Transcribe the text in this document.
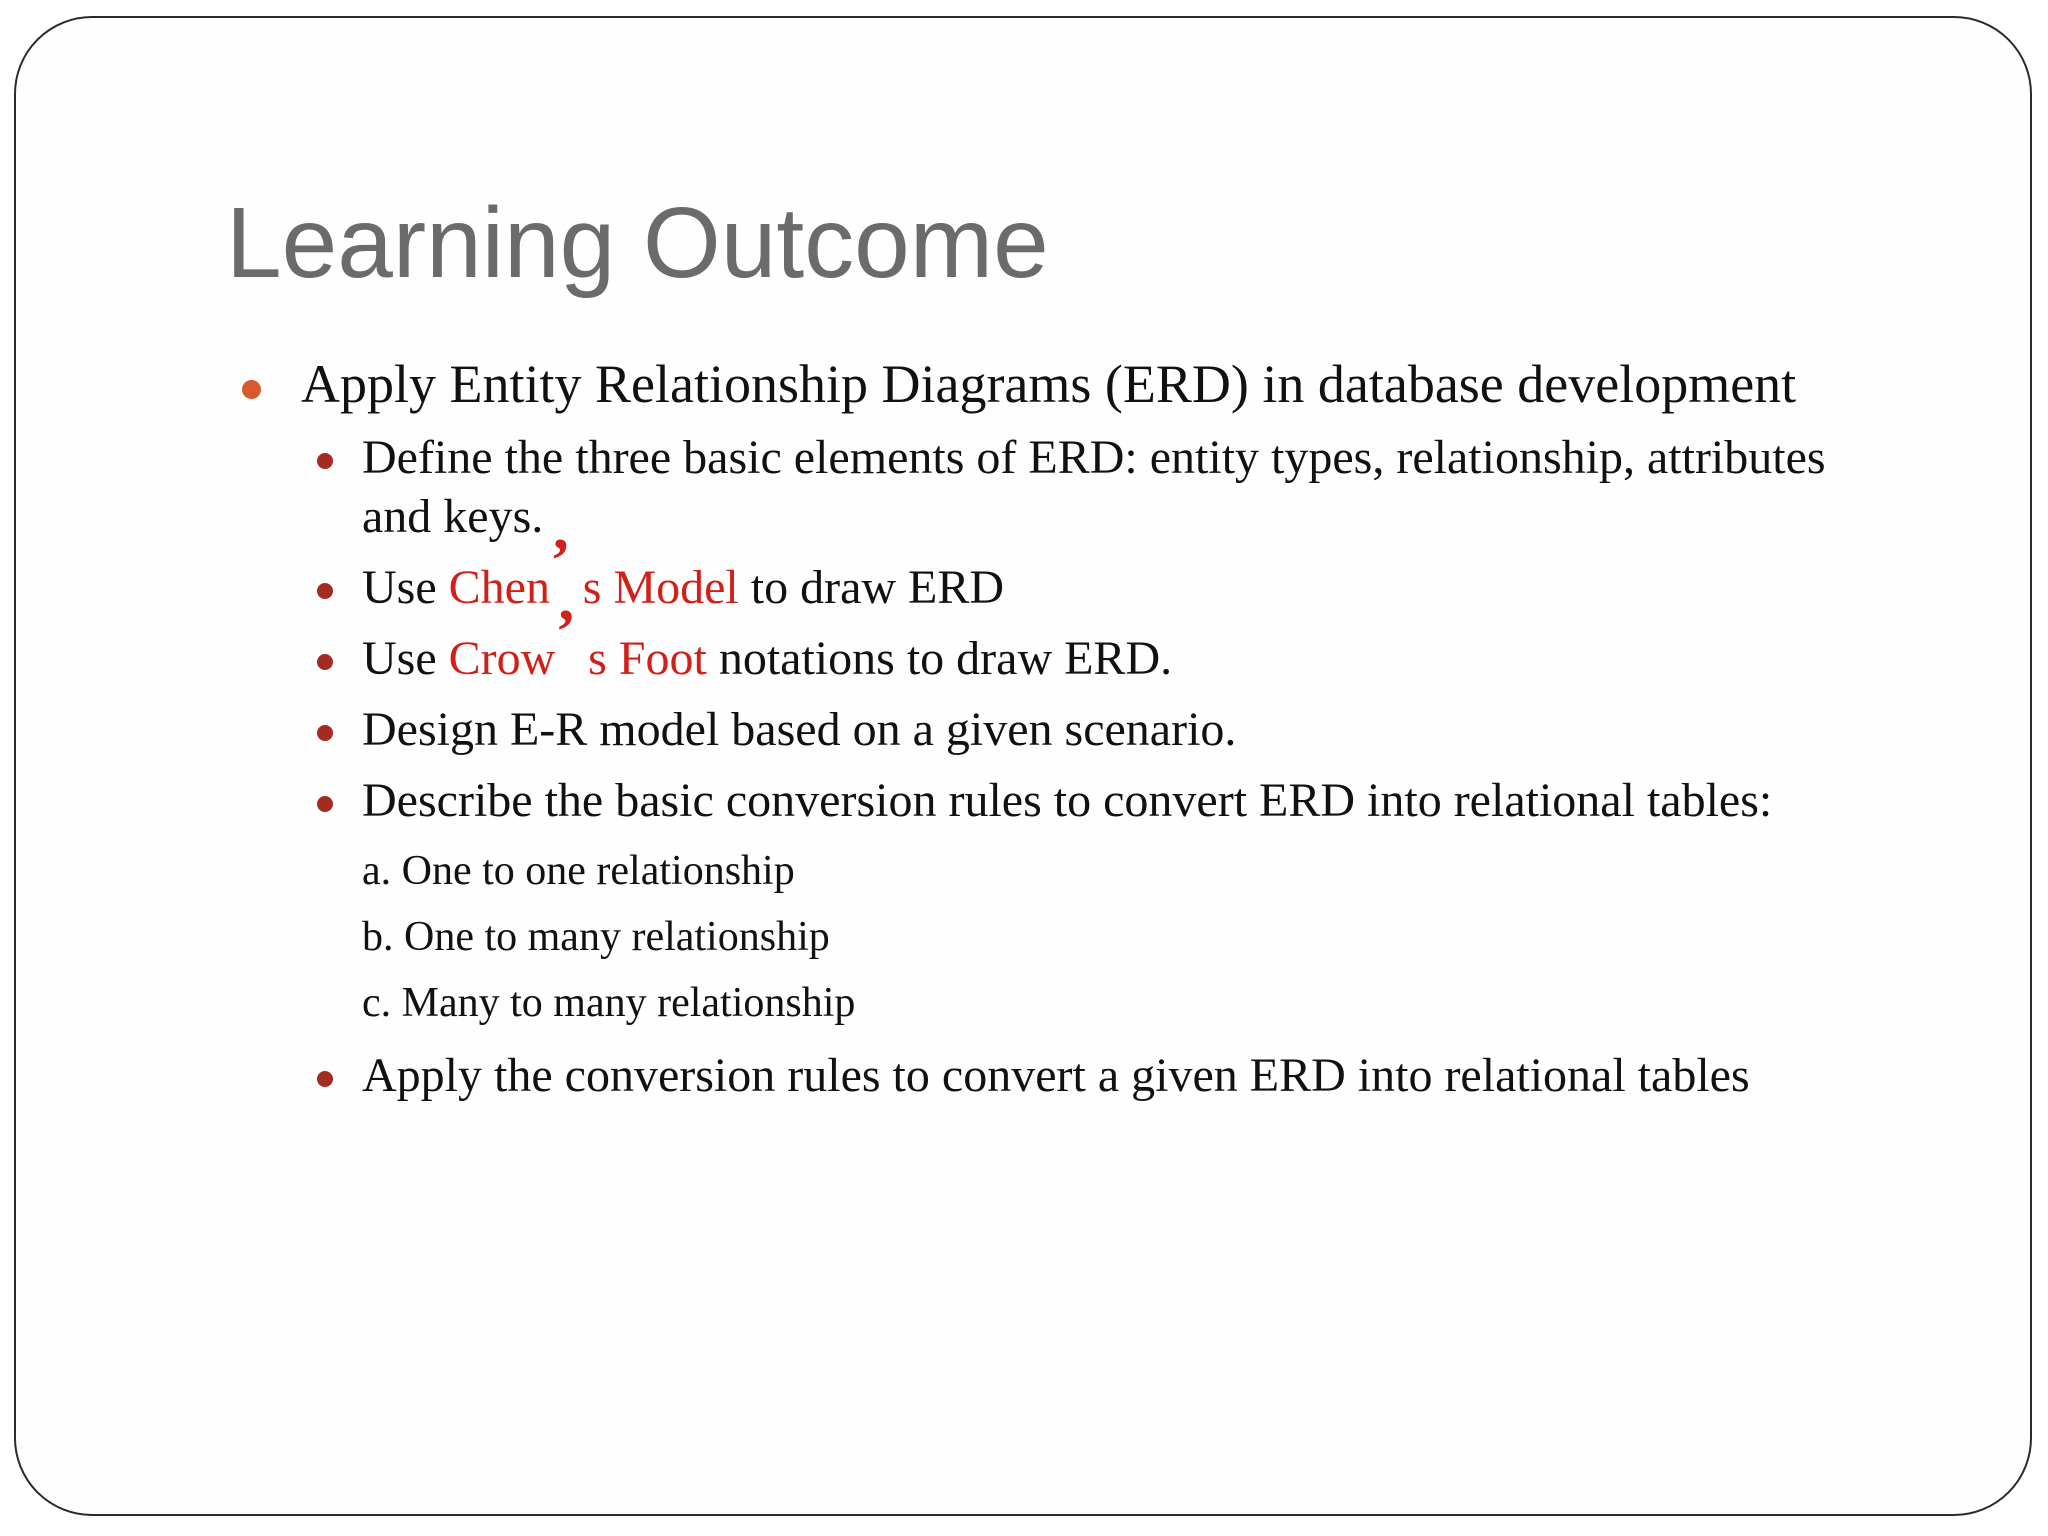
Learning Outcome
Apply Entity Relationship Diagrams (ERD) in database development
Define the three basic elements of ERD: entity types, relationship, attributes and keys.
Use Chen’ s Model to draw ERD
Use Crow’ s Foot notations to draw ERD.
Design E-R model based on a given scenario.
Describe the basic conversion rules to convert ERD into relational tables:
a. One to one relationship
b. One to many relationship
c. Many to many relationship
Apply the conversion rules to convert a given ERD into relational tables
